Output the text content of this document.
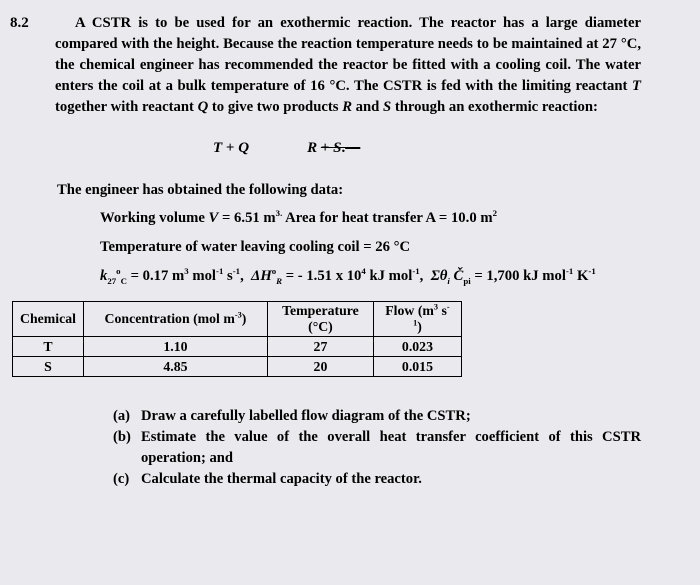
8.2	A CSTR is to be used for an exothermic reaction. The reactor has a large diameter compared with the height. Because the reaction temperature needs to be maintained at 27 °C, the chemical engineer has recommended the reactor be fitted with a cooling coil. The water enters the coil at a bulk temperature of 16 °C. The CSTR is fed with the limiting reactant T together with reactant Q to give two products R and S through an exothermic reaction:

T + Q	R + S.—

The engineer has obtained the following data:

Working volume V = 6.51 $m^{3.}$ Area for heat transfer A = 10.0 $m^2$

Temperature of water leaving cooling coil = 26 °C

$k_{27}^o_C = 0.17$ $m^3$ mol$^{-1}$ $s^{-1}$,  $\Delta H^o_R$ = - 1.51 x $10^4$ kJ mol$^{-1}$,  $\Sigma\theta_i$ $Č_{pi} = 1,700$ kJ mol$^{-1}$ $K^{-1}$

Chemical	Concentration (mol $m^{-3}$)	Temperature (°C)	Flow ($m^3$ $s^{-1}$)
T	1.10	27	0.023
S	4.85	20	0.015
(a) Draw a carefully labelled flow diagram of the CSTR;
(b) Estimate the value of the overall heat transfer coefficient of this CSTR operation; and
(c) Calculate the thermal capacity of the reactor.
